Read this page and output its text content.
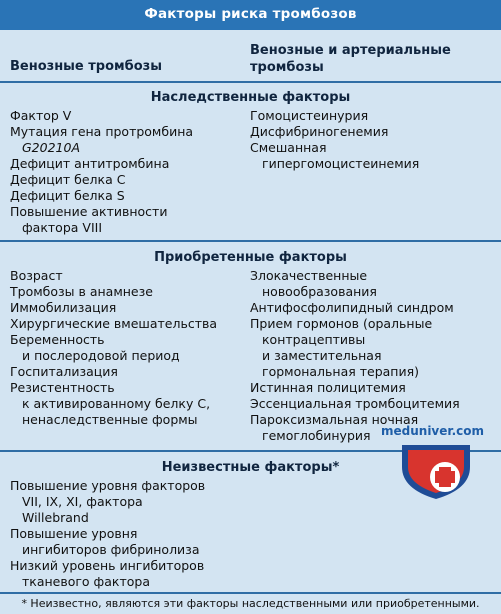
Факторы риска тромбозов
Венозные тромбозы
Венозные и артериальные
тромбозы
Наследственные факторы
Фактор V
Мутация гена протромбина
G20210A
Дефицит антитромбина
Дефицит белка С
Дефицит белка S
Повышение активности
фактора VIII
Гомоцистеинурия
Дисфибриногенемия
Смешанная
гипергомоцистеинемия
Приобретенные факторы
Возраст
Тромбозы в анамнезе
Иммобилизация
Хирургические вмешательства
Беременность
и послеродовой период
Госпитализация
Резистентность
к активированному белку С,
ненаследственные формы
Злокачественные
новообразования
Антифосфолипидный синдром
Прием гормонов (оральные
контрацептивы
и заместительная
гормональная терапия)
Истинная полицитемия
Эссенциальная тромбоцитемия
Пароксизмальная ночная
гемоглобинурия
Неизвестные факторы*
Повышение уровня факторов
VII, IX, XI, фактора
Willebrand
Повышение уровня
ингибиторов фибринолиза
Низкий уровень ингибиторов
тканевого фактора
* Неизвестно, являются эти факторы наследственными или приобретенными.
meduniver.com
